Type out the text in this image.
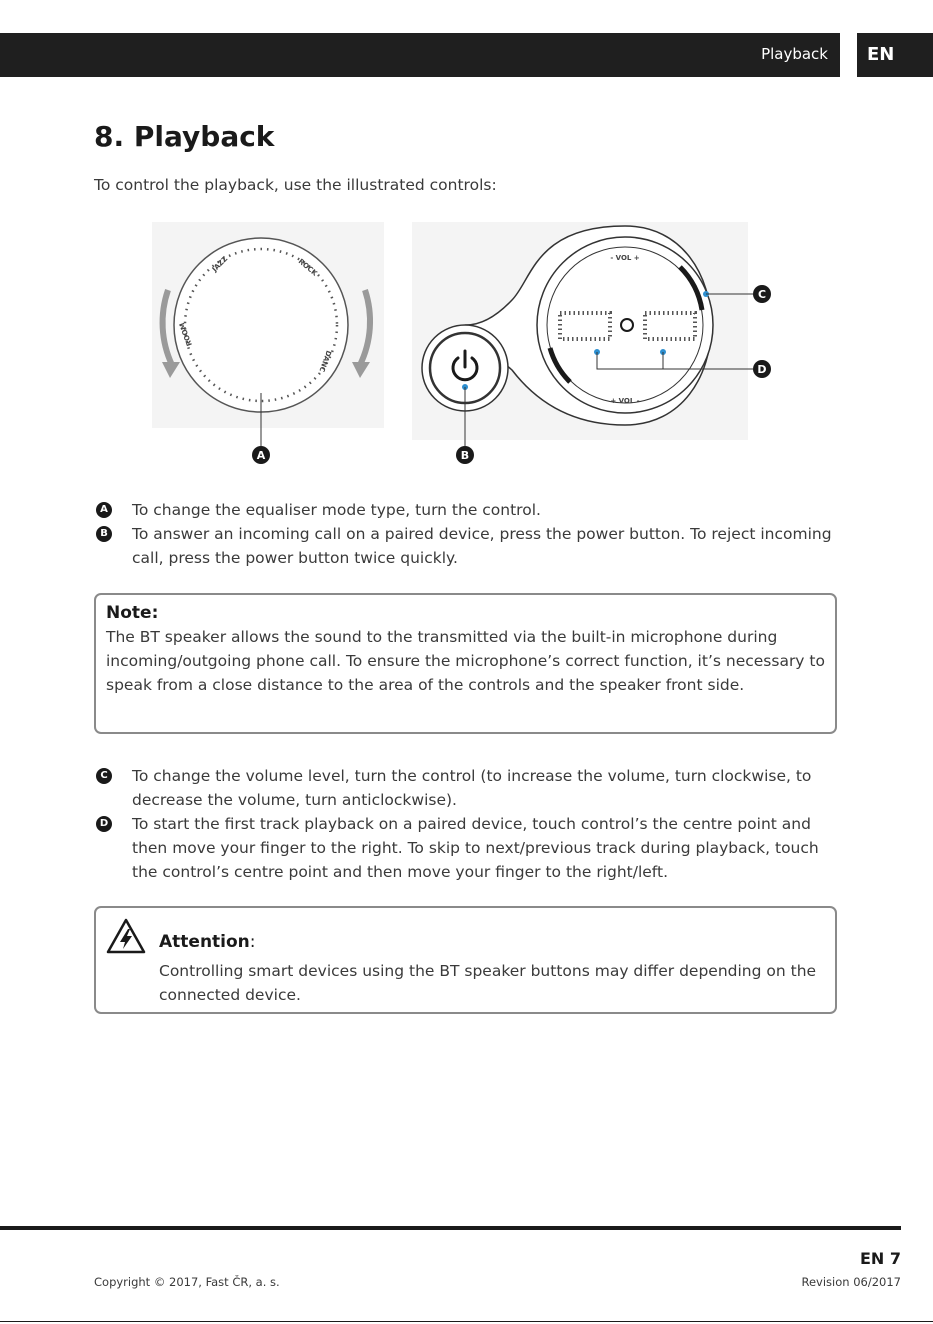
Playback	EN
8. Playback
To control the playback, use the illustrated controls:
JAZZ	ROCK
ROOM
DANC
A	B
- VOL +
+ VOL -
C
D
A To change the equaliser mode type, turn the control.
B To answer an incoming call on a paired device, press the power button. To reject incoming call, press the power button twice quickly.

Note:

The BT speaker allows the sound to the transmitted via the built-in microphone during incoming/outgoing phone call. To ensure the microphone’s correct function, it’s necessary to speak from a close distance to the area of the controls and the speaker front side.

C To change the volume level, turn the control (to increase the volume, turn clockwise, to decrease the volume, turn anticlockwise).
D To start the first track playback on a paired device, touch control’s the centre point and then move your finger to the right. To skip to next/previous track during playback, touch the control’s centre point and then move your finger to the right/left.
Attention:
Controlling smart devices using the BT speaker buttons may differ depending on the connected device.
EN 7
Copyright © 2017, Fast ČR, a. s.	Revision 06/2017
